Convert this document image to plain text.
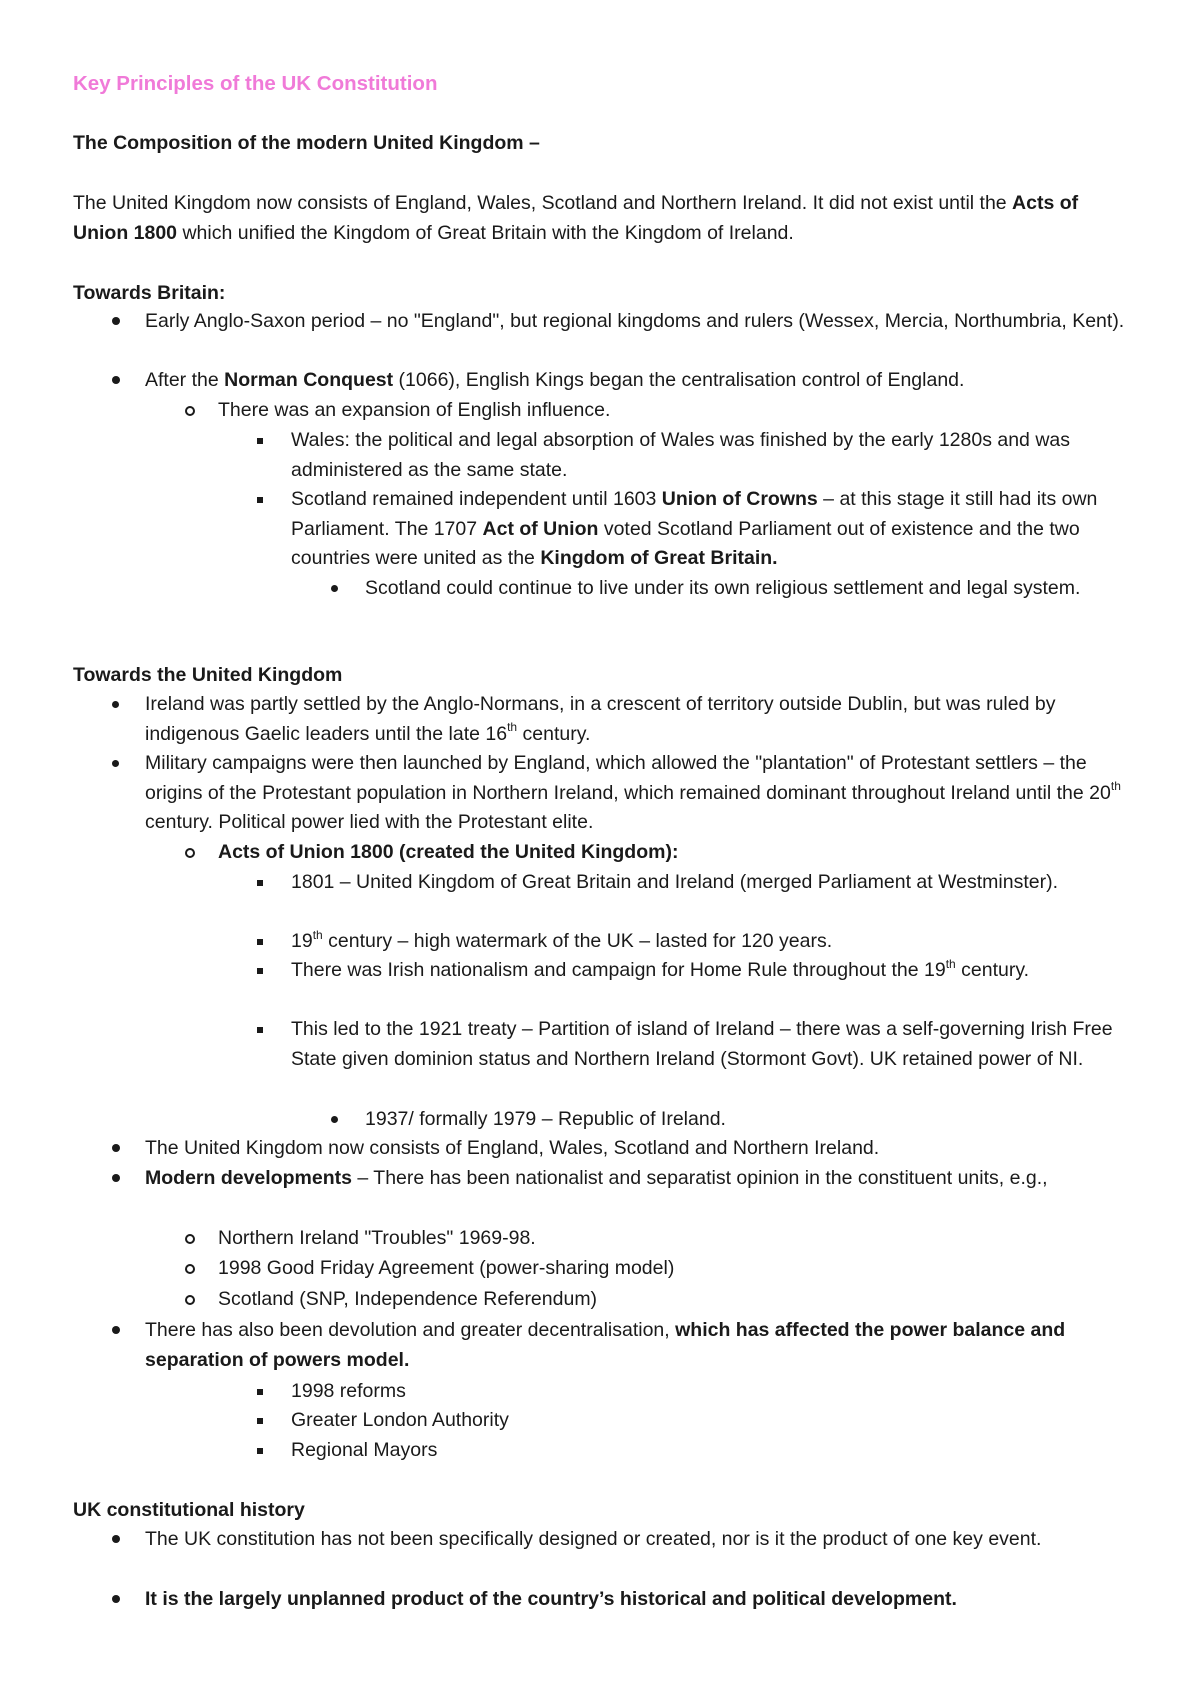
Key Principles of the UK Constitution
The Composition of the modern United Kingdom –
The United Kingdom now consists of England, Wales, Scotland and Northern Ireland. It did not exist until the Acts of Union 1800 which unified the Kingdom of Great Britain with the Kingdom of Ireland.
Towards Britain:
Early Anglo-Saxon period – no "England", but regional kingdoms and rulers (Wessex, Mercia, Northumbria, Kent).
After the Norman Conquest (1066), English Kings began the centralisation control of England.
There was an expansion of English influence.
Wales: the political and legal absorption of Wales was finished by the early 1280s and was administered as the same state.
Scotland remained independent until 1603 Union of Crowns – at this stage it still had its own Parliament. The 1707 Act of Union voted Scotland Parliament out of existence and the two countries were united as the Kingdom of Great Britain.
Scotland could continue to live under its own religious settlement and legal system.
Towards the United Kingdom
Ireland was partly settled by the Anglo-Normans, in a crescent of territory outside Dublin, but was ruled by indigenous Gaelic leaders until the late 16th century.
Military campaigns were then launched by England, which allowed the "plantation" of Protestant settlers – the origins of the Protestant population in Northern Ireland, which remained dominant throughout Ireland until the 20th century. Political power lied with the Protestant elite.
Acts of Union 1800 (created the United Kingdom):
1801 – United Kingdom of Great Britain and Ireland (merged Parliament at Westminster).
19th century – high watermark of the UK – lasted for 120 years.
There was Irish nationalism and campaign for Home Rule throughout the 19th century.
This led to the 1921 treaty – Partition of island of Ireland – there was a self-governing Irish Free State given dominion status and Northern Ireland (Stormont Govt). UK retained power of NI.
1937/ formally 1979 – Republic of Ireland.
The United Kingdom now consists of England, Wales, Scotland and Northern Ireland.
Modern developments – There has been nationalist and separatist opinion in the constituent units, e.g.,
Northern Ireland "Troubles" 1969-98.
1998 Good Friday Agreement (power-sharing model)
Scotland (SNP, Independence Referendum)
There has also been devolution and greater decentralisation, which has affected the power balance and separation of powers model.
1998 reforms
Greater London Authority
Regional Mayors
UK constitutional history
The UK constitution has not been specifically designed or created, nor is it the product of one key event.
It is the largely unplanned product of the country’s historical and political development.
